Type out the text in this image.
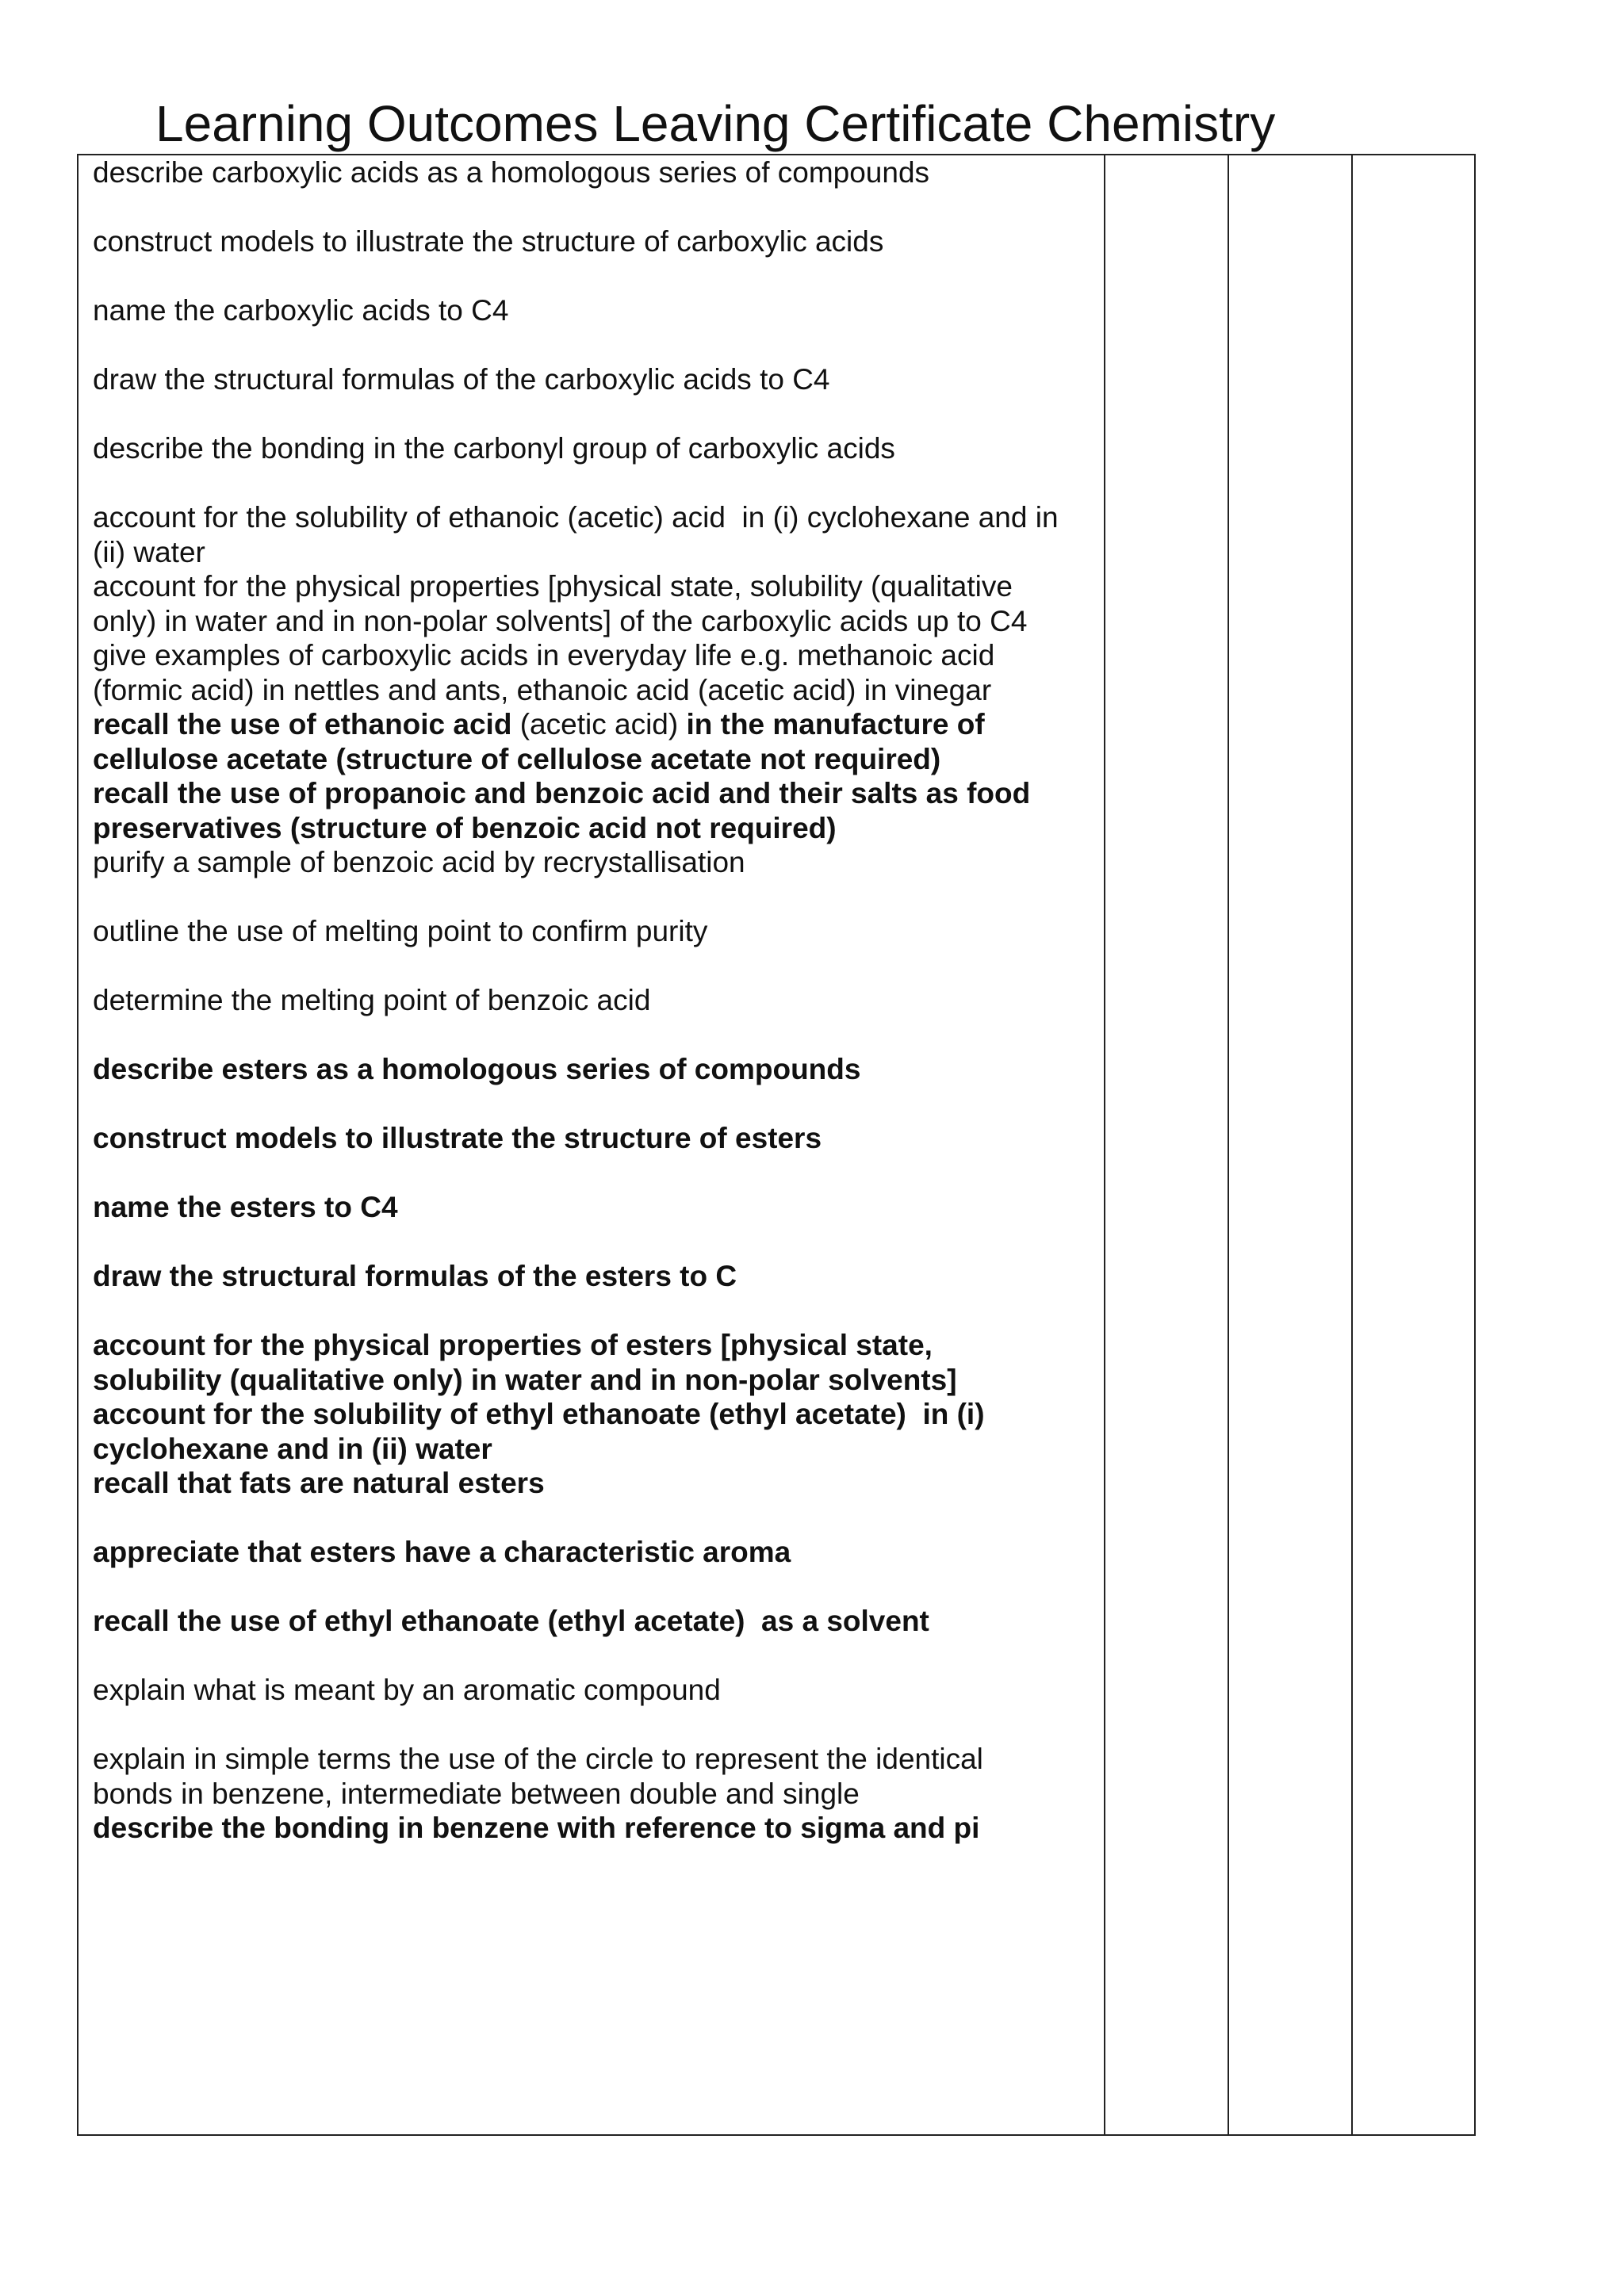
Learning Outcomes Leaving Certificate Chemistry
describe carboxylic acids as a homologous series of compounds
construct models to illustrate the structure of carboxylic acids
name the carboxylic acids to C4
draw the structural formulas of the carboxylic acids to C4
describe the bonding in the carbonyl group of carboxylic acids
account for the solubility of ethanoic (acetic) acid  in (i) cyclohexane and in
(ii) water
account for the physical properties [physical state, solubility (qualitative
only) in water and in non-polar solvents] of the carboxylic acids up to C4
give examples of carboxylic acids in everyday life e.g. methanoic acid
(formic acid) in nettles and ants, ethanoic acid (acetic acid) in vinegar
recall the use of ethanoic acid (acetic acid) in the manufacture of
cellulose acetate (structure of cellulose acetate not required)
recall the use of propanoic and benzoic acid and their salts as food
preservatives (structure of benzoic acid not required)
purify a sample of benzoic acid by recrystallisation
outline the use of melting point to confirm purity
determine the melting point of benzoic acid
describe esters as a homologous series of compounds
construct models to illustrate the structure of esters
name the esters to C4
draw the structural formulas of the esters to C
account for the physical properties of esters [physical state,
solubility (qualitative only) in water and in non-polar solvents]
account for the solubility of ethyl ethanoate (ethyl acetate)  in (i)
cyclohexane and in (ii) water
recall that fats are natural esters
appreciate that esters have a characteristic aroma
recall the use of ethyl ethanoate (ethyl acetate)  as a solvent
explain what is meant by an aromatic compound
explain in simple terms the use of the circle to represent the identical
bonds in benzene, intermediate between double and single
describe the bonding in benzene with reference to sigma and pi
